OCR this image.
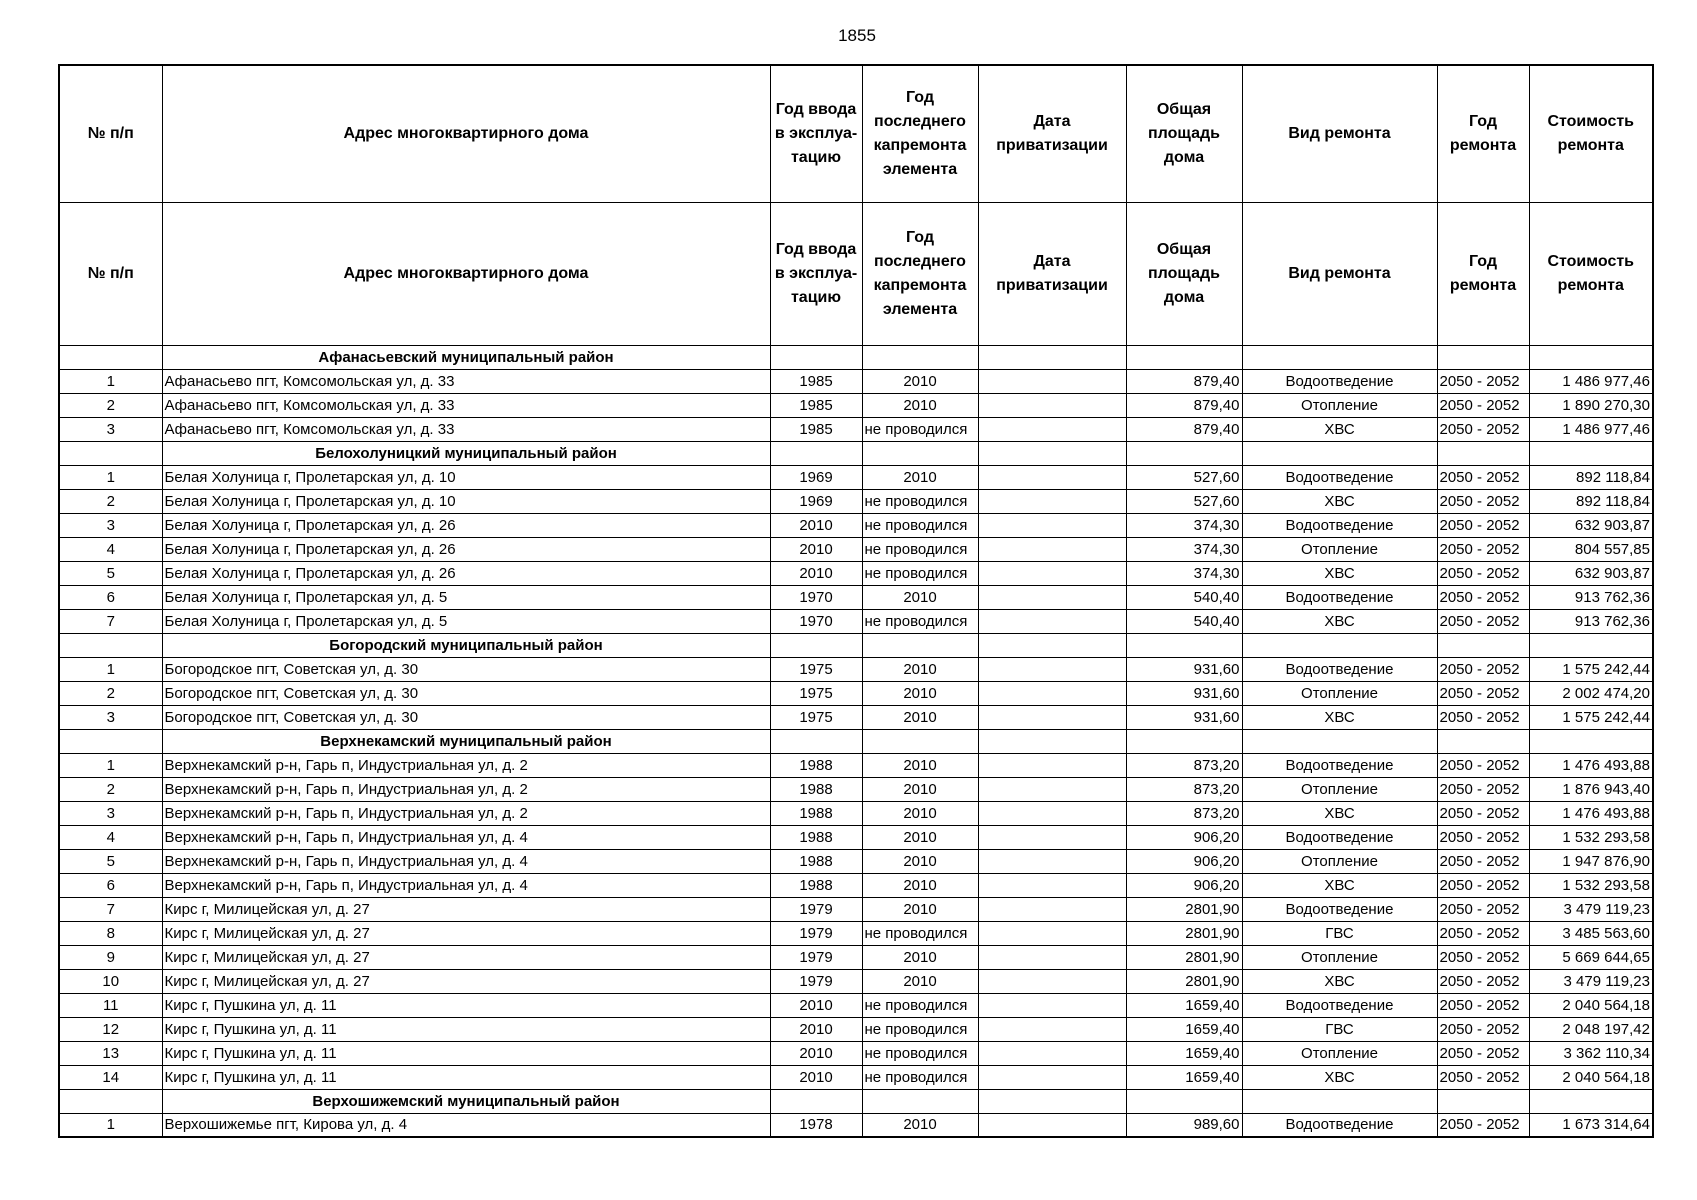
1855
№ п/п	Адрес многоквартирного дома	Год ввода в эксплуа- тацию	Год последнего капремонта элемента	Дата приватизации	Общая площадь дома	Вид ремонта	Год ремонта	Стоимость ремонта
№ п/п	Адрес многоквартирного дома	Год ввода в эксплуа- тацию	Год последнего капремонта элемента	Дата приватизации	Общая площадь дома	Вид ремонта	Год ремонта	Стоимость ремонта
	Афанасьевский муниципальный район							
1	Афанасьево пгт, Комсомольская ул, д. 33	1985	2010		879,40	Водоотведение	2050 - 2052	1 486 977,46
2	Афанасьево пгт, Комсомольская ул, д. 33	1985	2010		879,40	Отопление	2050 - 2052	1 890 270,30
3	Афанасьево пгт, Комсомольская ул, д. 33	1985	не проводился		879,40	ХВС	2050 - 2052	1 486 977,46
	Белохолуницкий муниципальный район							
1	Белая Холуница г, Пролетарская ул, д. 10	1969	2010		527,60	Водоотведение	2050 - 2052	892 118,84
2	Белая Холуница г, Пролетарская ул, д. 10	1969	не проводился		527,60	ХВС	2050 - 2052	892 118,84
3	Белая Холуница г, Пролетарская ул, д. 26	2010	не проводился		374,30	Водоотведение	2050 - 2052	632 903,87
4	Белая Холуница г, Пролетарская ул, д. 26	2010	не проводился		374,30	Отопление	2050 - 2052	804 557,85
5	Белая Холуница г, Пролетарская ул, д. 26	2010	не проводился		374,30	ХВС	2050 - 2052	632 903,87
6	Белая Холуница г, Пролетарская ул, д. 5	1970	2010		540,40	Водоотведение	2050 - 2052	913 762,36
7	Белая Холуница г, Пролетарская ул, д. 5	1970	не проводился		540,40	ХВС	2050 - 2052	913 762,36
	Богородский муниципальный район							
1	Богородское пгт, Советская ул, д. 30	1975	2010		931,60	Водоотведение	2050 - 2052	1 575 242,44
2	Богородское пгт, Советская ул, д. 30	1975	2010		931,60	Отопление	2050 - 2052	2 002 474,20
3	Богородское пгт, Советская ул, д. 30	1975	2010		931,60	ХВС	2050 - 2052	1 575 242,44
	Верхнекамский муниципальный район							
1	Верхнекамский р-н, Гарь п, Индустриальная ул, д. 2	1988	2010		873,20	Водоотведение	2050 - 2052	1 476 493,88
2	Верхнекамский р-н, Гарь п, Индустриальная ул, д. 2	1988	2010		873,20	Отопление	2050 - 2052	1 876 943,40
3	Верхнекамский р-н, Гарь п, Индустриальная ул, д. 2	1988	2010		873,20	ХВС	2050 - 2052	1 476 493,88
4	Верхнекамский р-н, Гарь п, Индустриальная ул, д. 4	1988	2010		906,20	Водоотведение	2050 - 2052	1 532 293,58
5	Верхнекамский р-н, Гарь п, Индустриальная ул, д. 4	1988	2010		906,20	Отопление	2050 - 2052	1 947 876,90
6	Верхнекамский р-н, Гарь п, Индустриальная ул, д. 4	1988	2010		906,20	ХВС	2050 - 2052	1 532 293,58
7	Кирс г, Милицейская ул, д. 27	1979	2010		2801,90	Водоотведение	2050 - 2052	3 479 119,23
8	Кирс г, Милицейская ул, д. 27	1979	не проводился		2801,90	ГВС	2050 - 2052	3 485 563,60
9	Кирс г, Милицейская ул, д. 27	1979	2010		2801,90	Отопление	2050 - 2052	5 669 644,65
10	Кирс г, Милицейская ул, д. 27	1979	2010		2801,90	ХВС	2050 - 2052	3 479 119,23
11	Кирс г, Пушкина ул, д. 11	2010	не проводился		1659,40	Водоотведение	2050 - 2052	2 040 564,18
12	Кирс г, Пушкина ул, д. 11	2010	не проводился		1659,40	ГВС	2050 - 2052	2 048 197,42
13	Кирс г, Пушкина ул, д. 11	2010	не проводился		1659,40	Отопление	2050 - 2052	3 362 110,34
14	Кирс г, Пушкина ул, д. 11	2010	не проводился		1659,40	ХВС	2050 - 2052	2 040 564,18
	Верхошижемский муниципальный район							
1	Верхошижемье пгт, Кирова ул, д. 4	1978	2010		989,60	Водоотведение	2050 - 2052	1 673 314,64
